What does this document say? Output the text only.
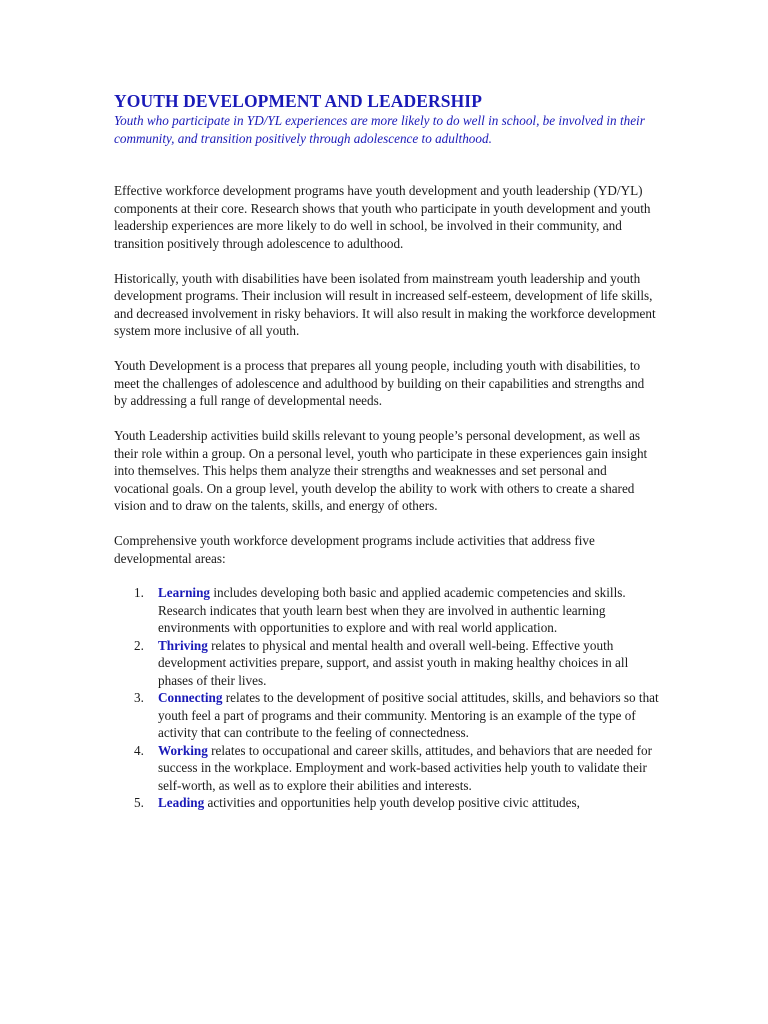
YOUTH DEVELOPMENT AND LEADERSHIP

Youth who participate in YD/YL experiences are more likely to do well in school, be involved in their community, and transition positively through adolescence to adulthood.

Effective workforce development programs have youth development and youth leadership (YD/YL) components at their core. Research shows that youth who participate in youth development and youth leadership experiences are more likely to do well in school, be involved in their community, and transition positively through adolescence to adulthood.

Historically, youth with disabilities have been isolated from mainstream youth leadership and youth development programs. Their inclusion will result in increased self-esteem, development of life skills, and decreased involvement in risky behaviors. It will also result in making the workforce development system more inclusive of all youth.

Youth Development is a process that prepares all young people, including youth with disabilities, to meet the challenges of adolescence and adulthood by building on their capabilities and strengths and by addressing a full range of developmental needs.

Youth Leadership activities build skills relevant to young people’s personal development, as well as their role within a group. On a personal level, youth who participate in these experiences gain insight into themselves. This helps them analyze their strengths and weaknesses and set personal and vocational goals. On a group level, youth develop the ability to work with others to create a shared vision and to draw on the talents, skills, and energy of others.

Comprehensive youth workforce development programs include activities that address five developmental areas:

1. Learning includes developing both basic and applied academic competencies and skills. Research indicates that youth learn best when they are involved in authentic learning environments with opportunities to explore and with real world application.
2. Thriving relates to physical and mental health and overall well-being. Effective youth development activities prepare, support, and assist youth in making healthy choices in all phases of their lives.
3. Connecting relates to the development of positive social attitudes, skills, and behaviors so that youth feel a part of programs and their community. Mentoring is an example of the type of activity that can contribute to the feeling of connectedness.
4. Working relates to occupational and career skills, attitudes, and behaviors that are needed for success in the workplace. Employment and work-based activities help youth to validate their self-worth, as well as to explore their abilities and interests.
5. Leading activities and opportunities help youth develop positive civic attitudes,
